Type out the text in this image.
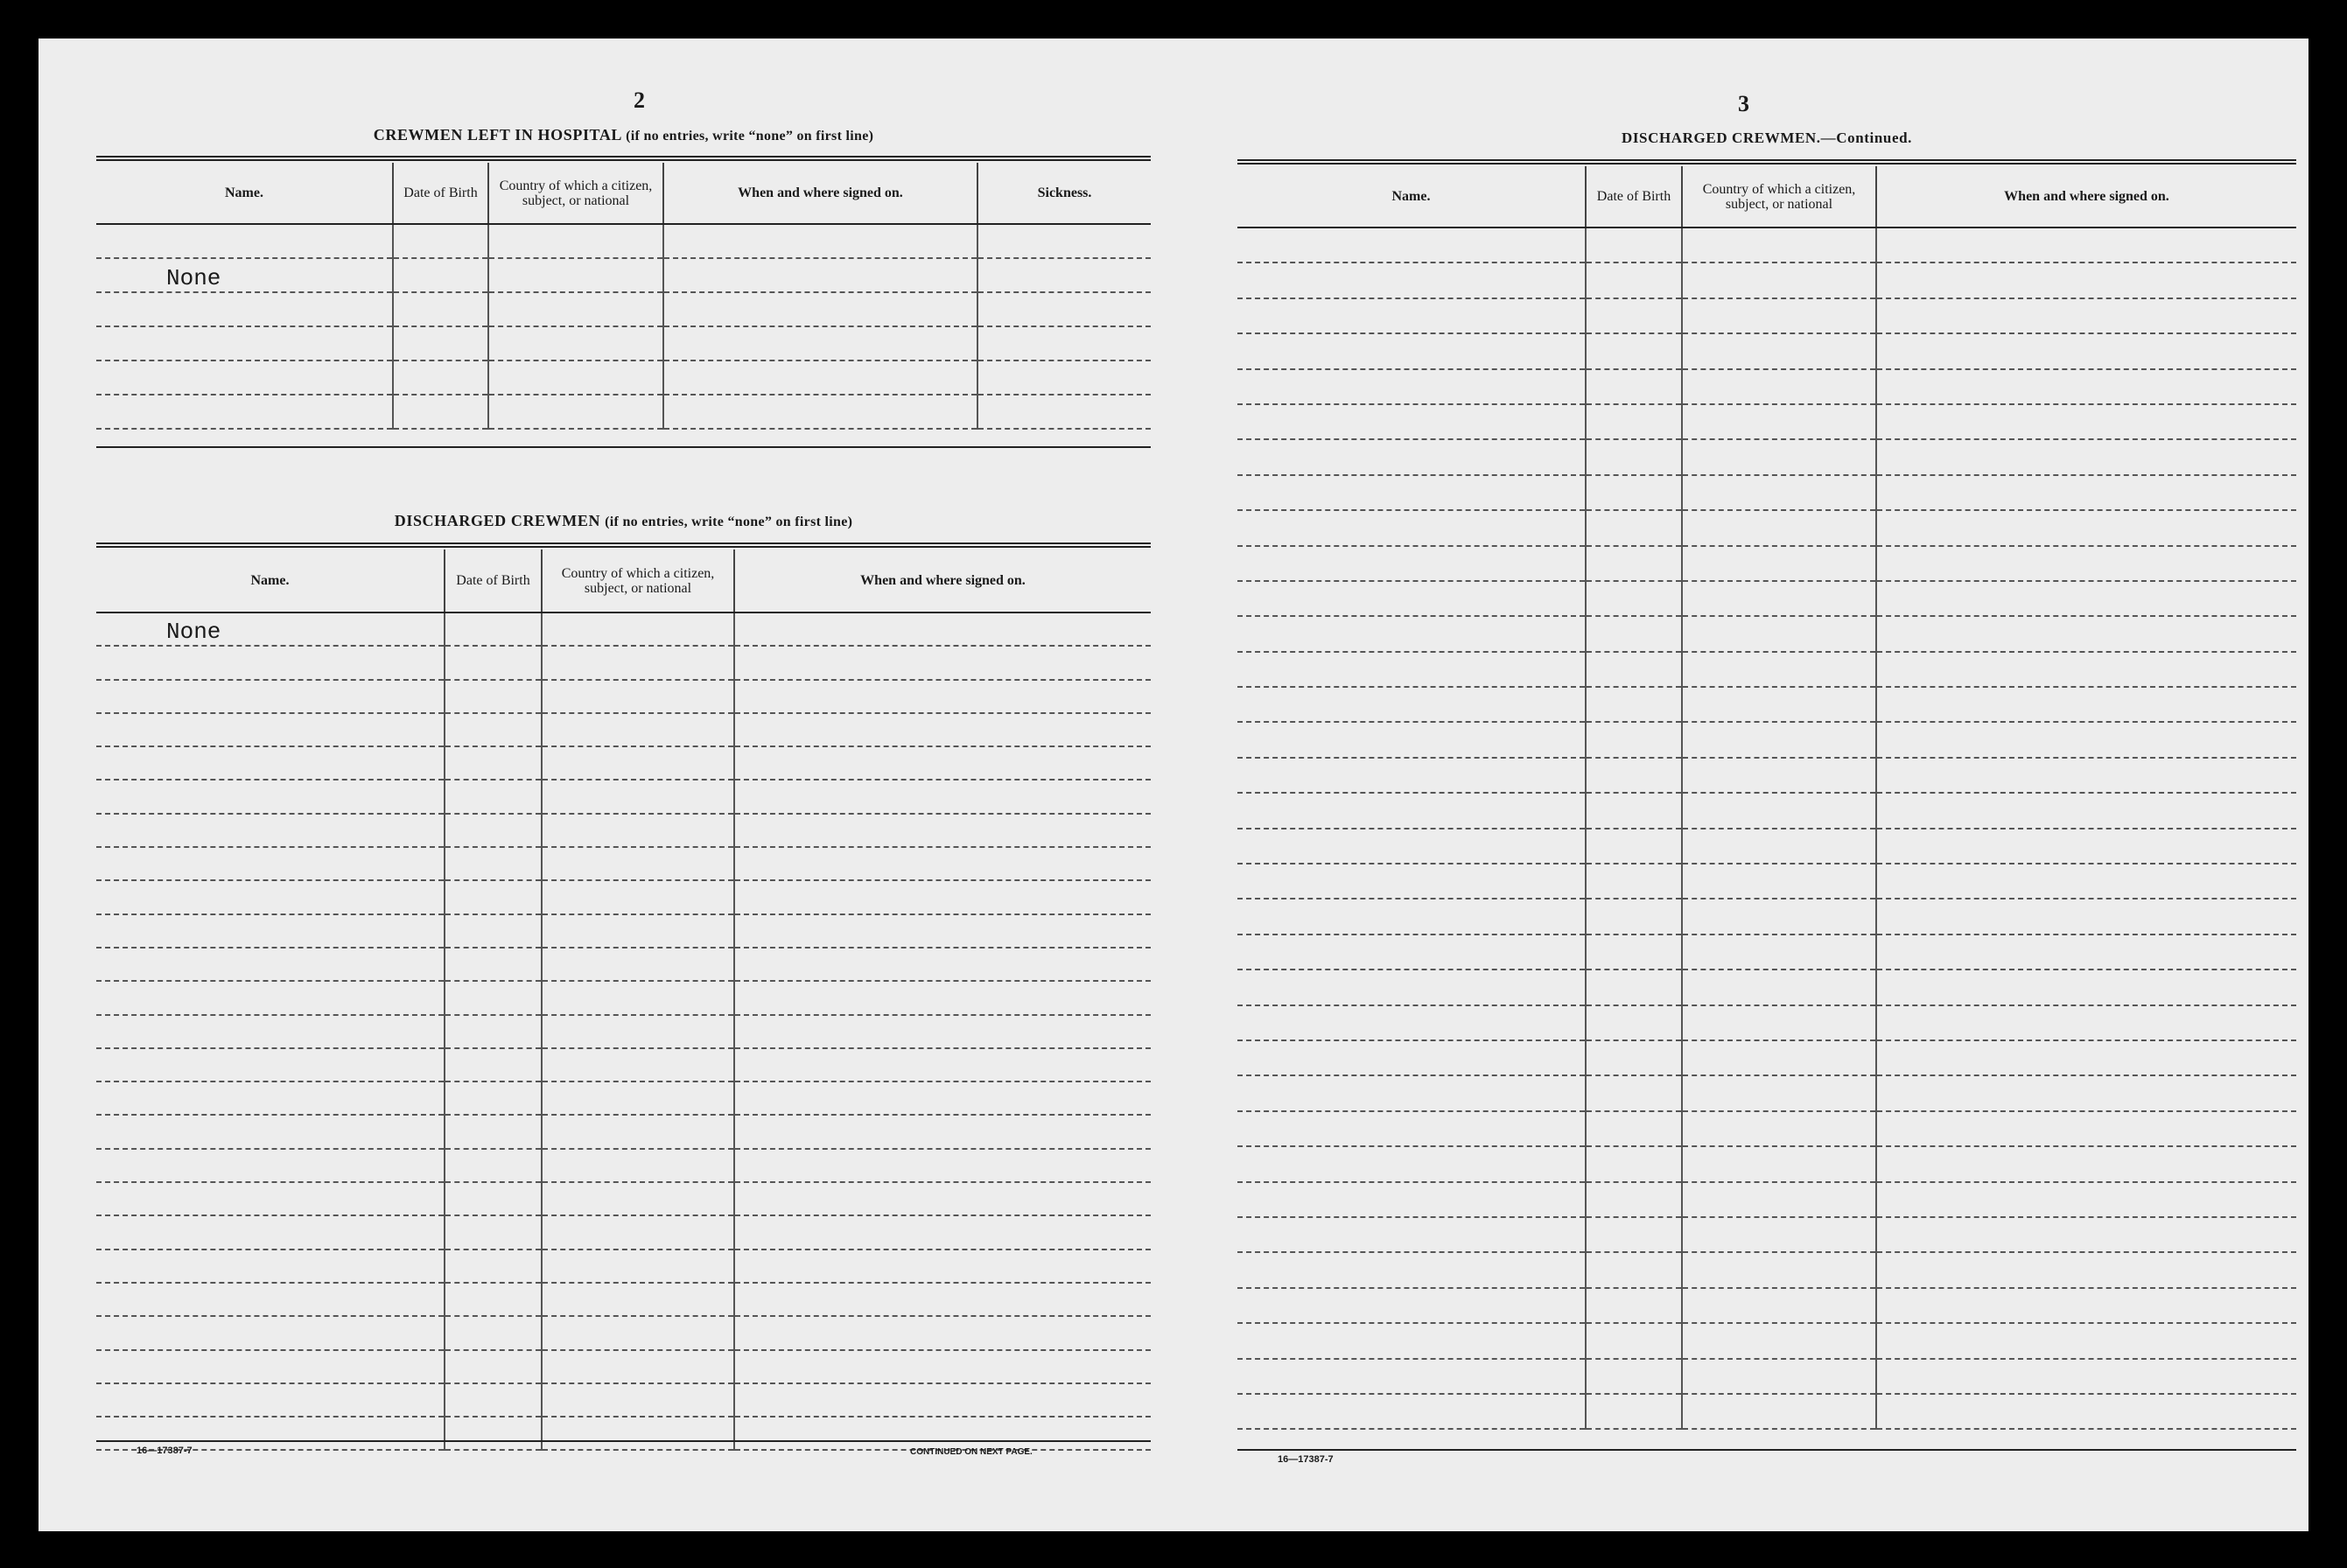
2
CREWMEN LEFT IN HOSPITAL (if no entries, write “none” on first line)
Name.	Date of Birth	Country of which a citizen, subject, or national	When and where signed on.	Sickness.

None				

DISCHARGED CREWMEN (if no entries, write “none” on first line)
Name.	Date of Birth	Country of which a citizen, subject, or national	When and where signed on.
None			

16—17387-7	CONTINUED ON NEXT PAGE.
3
DISCHARGED CREWMEN.—Continued.
Name.	Date of Birth	Country of which a citizen, subject, or national	When and where signed on.

16—17387-7
